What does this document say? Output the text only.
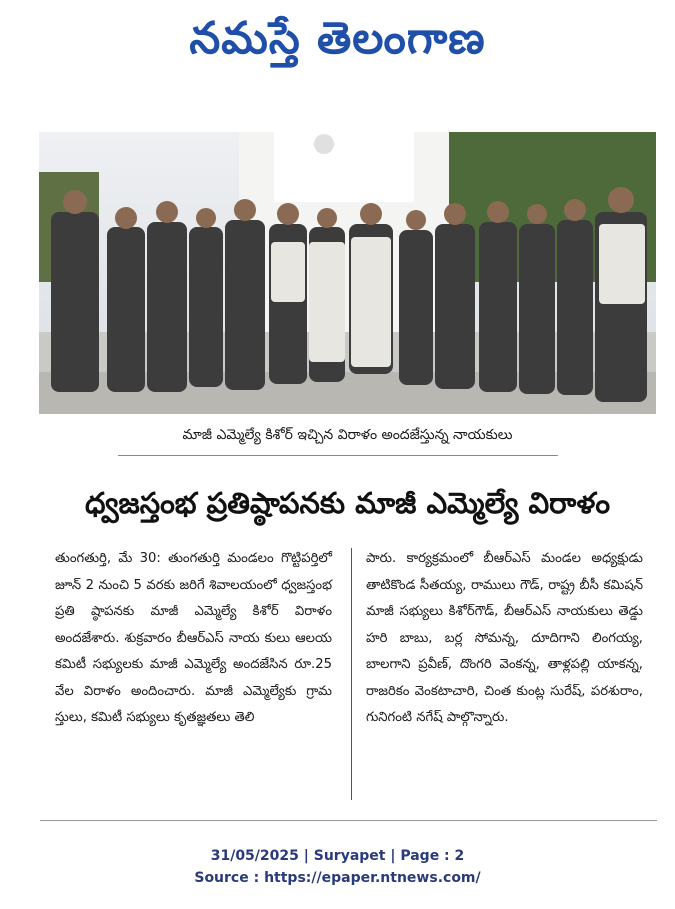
నమస్తే తెలంగాణ
మాజీ ఎమ్మెల్యే కిశోర్ ఇచ్చిన విరాళం అందజేస్తున్న నాయకులు
ధ్వజస్తంభ ప్రతిష్ఠాపనకు మాజీ ఎమ్మెల్యే విరాళం
తుంగతుర్తి, మే 30: తుంగతుర్తి మండలం గొట్టిపర్తిలో జూన్ 2 నుంచి 5 వరకు జరిగే శివాలయంలో ధ్వజస్తంభ ప్రతి ష్ఠాపనకు మాజీ ఎమ్మెల్యే కిశోర్ విరాళం అందజేశారు. శుక్రవారం బీఆర్ఎస్ నాయ కులు ఆలయ కమిటీ సభ్యులకు మాజీ ఎమ్మెల్యే అందజేసిన రూ.25 వేల విరాళం అందించారు. మాజీ ఎమ్మెల్యేకు గ్రామ స్తులు, కమిటీ సభ్యులు కృతజ్ఞతలు తెలి
పారు. కార్యక్రమంలో బీఆర్ఎస్ మండల అధ్యక్షుడు తాటికొండ సీతయ్య, రాములు గౌడ్, రాష్ట్ర బీసీ కమిషన్ మాజీ సభ్యులు కిశోర్‌గౌడ్, బీఆర్ఎస్ నాయకులు తెడ్డు హరి బాబు, బర్ల సోమన్న, దూదిగాని లింగయ్య, బాలగాని ప్రవీణ్, దొంగరి వెంకన్న, తాళ్లపల్లి యాకన్న, రాజరికం వెంకటాచారి, చింత కుంట్ల సురేష్, పరశురాం, గునిగంటి నగేష్ పాల్గొన్నారు.
31/05/2025 | Suryapet | Page : 2
Source : https://epaper.ntnews.com/
